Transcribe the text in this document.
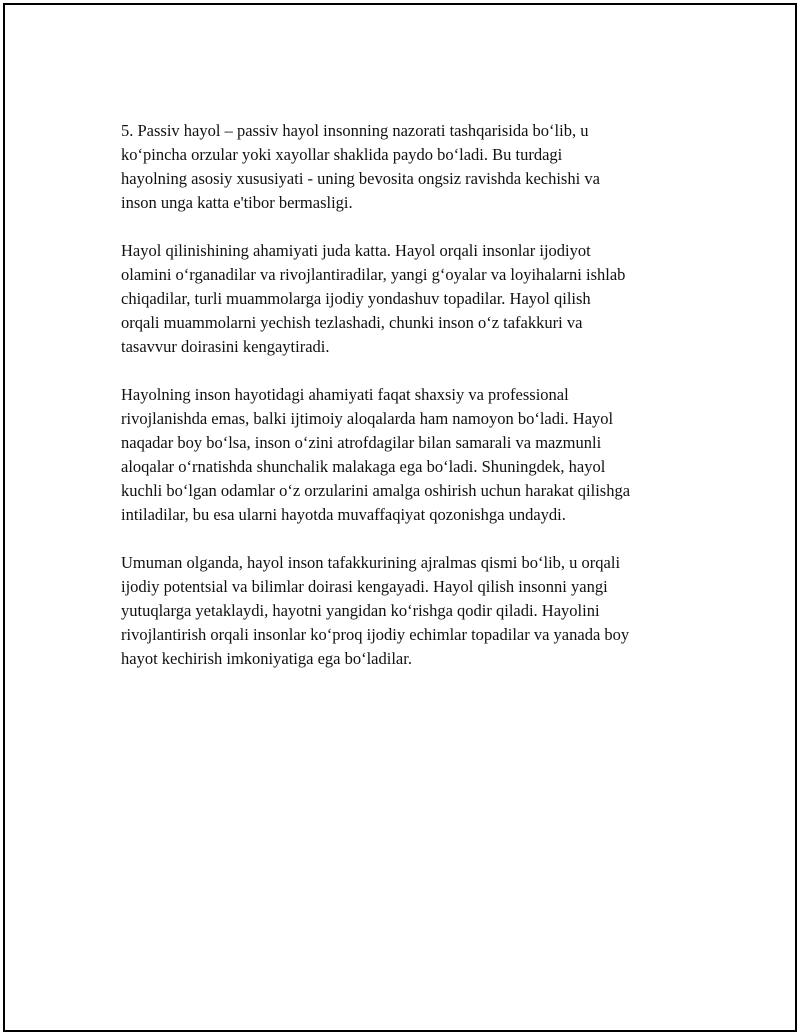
5. Passiv hayol – passiv hayol insonning nazorati tashqarisida boʻlib, u
koʻpincha orzular yoki xayollar shaklida paydo boʻladi. Bu turdagi
hayolning asosiy xususiyati - uning bevosita ongsiz ravishda kechishi va
inson unga katta e'tibor bermasligi.

Hayol qilinishining ahamiyati juda katta. Hayol orqali insonlar ijodiyot
olamini oʻrganadilar va rivojlantiradilar, yangi gʻoyalar va loyihalarni ishlab
chiqadilar, turli muammolarga ijodiy yondashuv topadilar. Hayol qilish
orqali muammolarni yechish tezlashadi, chunki inson oʻz tafakkuri va
tasavvur doirasini kengaytiradi.

Hayolning inson hayotidagi ahamiyati faqat shaxsiy va professional
rivojlanishda emas, balki ijtimoiy aloqalarda ham namoyon boʻladi. Hayol
naqadar boy boʻlsa, inson oʻzini atrofdagilar bilan samarali va mazmunli
aloqalar oʻrnatishda shunchalik malakaga ega boʻladi. Shuningdek, hayol
kuchli boʻlgan odamlar oʻz orzularini amalga oshirish uchun harakat qilishga
intiladilar, bu esa ularni hayotda muvaffaqiyat qozonishga undaydi.

Umuman olganda, hayol inson tafakkurining ajralmas qismi boʻlib, u orqali
ijodiy potentsial va bilimlar doirasi kengayadi. Hayol qilish insonni yangi
yutuqlarga yetaklaydi, hayotni yangidan koʻrishga qodir qiladi. Hayolini
rivojlantirish orqali insonlar koʻproq ijodiy echimlar topadilar va yanada boy
hayot kechirish imkoniyatiga ega boʻladilar.
